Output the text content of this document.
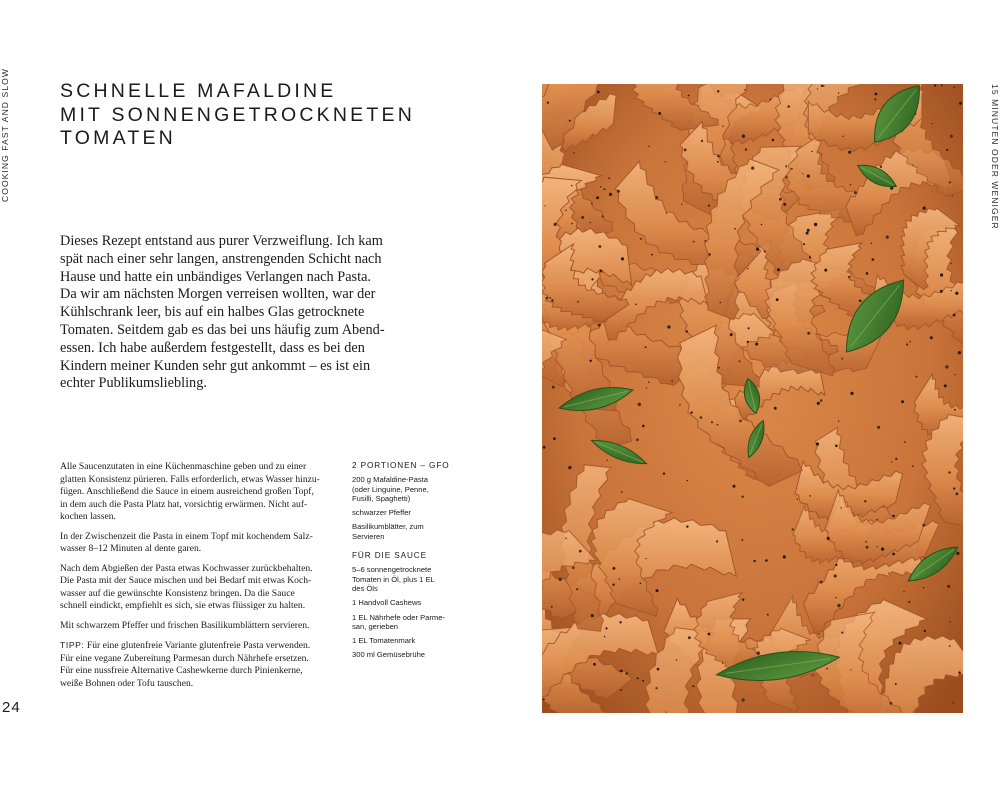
COOKING FAST AND SLOW	15 MINUTEN ODER WENIGER
SCHNELLE MAFALDINE
MIT SONNENGETROCKNETEN
TOMATEN
Dieses Rezept entstand aus purer Verzweiflung. Ich kam
spät nach einer sehr langen, anstrengenden Schicht nach
Hause und hatte ein unbändiges Verlangen nach Pasta.
Da wir am nächsten Morgen verreisen wollten, war der
Kühlschrank leer, bis auf ein halbes Glas getrocknete
Tomaten. Seitdem gab es das bei uns häufig zum Abend-
essen. Ich habe außerdem festgestellt, dass es bei den
Kindern meiner Kunden sehr gut ankommt – es ist ein
echter Publikumsliebling.

Alle Saucenzutaten in eine Küchenmaschine geben und zu einer
glatten Konsistenz pürieren. Falls erforderlich, etwas Wasser hinzu-
fügen. Anschließend die Sauce in einem ausreichend großen Topf,
in dem auch die Pasta Platz hat, vorsichtig erwärmen. Nicht auf-
kochen lassen.

In der Zwischenzeit die Pasta in einem Topf mit kochendem Salz-
wasser 8–12 Minuten al dente garen.

Nach dem Abgießen der Pasta etwas Kochwasser zurückbehalten.
Die Pasta mit der Sauce mischen und bei Bedarf mit etwas Koch-
wasser auf die gewünschte Konsistenz bringen. Da die Sauce
schnell eindickt, empfiehlt es sich, sie etwas flüssiger zu halten.

Mit schwarzem Pfeffer und frischen Basilikumblättern servieren.

TIPP: Für eine glutenfreie Variante glutenfreie Pasta verwenden.
Für eine vegane Zubereitung Parmesan durch Nährhefe ersetzen.
Für eine nussfreie Alternative Cashewkerne durch Pinienkerne,
weiße Bohnen oder Tofu tauschen.

2 PORTIONEN – GFO
200 g Mafaldine-Pasta
(oder Linguine, Penne,
Fusilli, Spaghetti)
schwarzer Pfeffer
Basilikumblätter, zum
Servieren
FÜR DIE SAUCE
5–6 sonnengetrocknete
Tomaten in Öl, plus 1 EL
des Öls
1 Handvoll Cashews
1 EL Nährhefe oder Parme-
san, gerieben
1 EL Tomatenmark
300 ml Gemüsebrühe
24
